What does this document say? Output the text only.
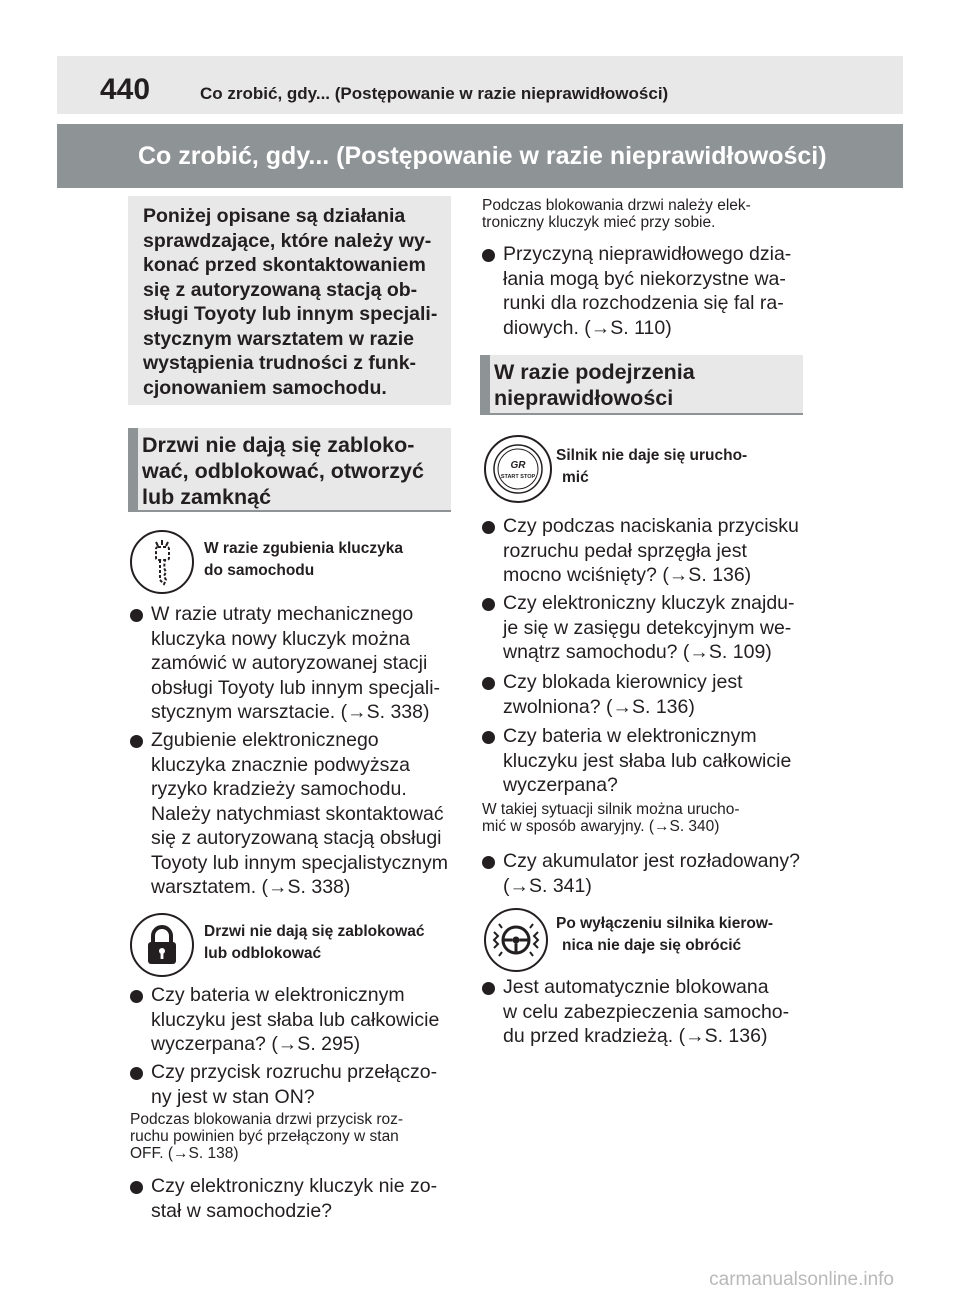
440	Co zrobić, gdy... (Postępowanie w razie nieprawidłowości)
Co zrobić, gdy... (Postępowanie w razie nieprawidłowości)
Poniżej opisane są działania
sprawdzające, które należy wy-
konać przed skontaktowaniem
się z autoryzowaną stacją ob-
sługi Toyoty lub innym specjali-
stycznym warsztatem w razie
wystąpienia trudności z funk-
cjonowaniem samochodu.
Drzwi nie dają się zabloko-
wać, odblokować, otworzyć
lub zamknąć
W razie zgubienia kluczyka
do samochodu
W razie utraty mechanicznego
kluczyka nowy kluczyk można
zamówić w autoryzowanej stacji
obsługi Toyoty lub innym specjali-
stycznym warsztacie. (→S. 338)
Zgubienie elektronicznego
kluczyka znacznie podwyższa
ryzyko kradzieży samochodu.
Należy natychmiast skontaktować
się z autoryzowaną stacją obsługi
Toyoty lub innym specjalistycznym
warsztatem. (→S. 338)
Drzwi nie dają się zablokować
lub odblokować
Czy bateria w elektronicznym
kluczyku jest słaba lub całkowicie
wyczerpana? (→S. 295)
Czy przycisk rozruchu przełączo-
ny jest w stan ON?
Podczas blokowania drzwi przycisk roz-
ruchu powinien być przełączony w stan
OFF. (→S. 138)
Czy elektroniczny kluczyk nie zo-
stał w samochodzie?
Podczas blokowania drzwi należy elek-
troniczny kluczyk mieć przy sobie.
Przyczyną nieprawidłowego dzia-
łania mogą być niekorzystne wa-
runki dla rozchodzenia się fal ra-
diowych. (→S. 110)
W razie podejrzenia
nieprawidłowości
GR
START STOP
Silnik nie daje się urucho-
mić
Czy podczas naciskania przycisku
rozruchu pedał sprzęgła jest
mocno wciśnięty? (→S. 136)
Czy elektroniczny kluczyk znajdu-
je się w zasięgu detekcyjnym we-
wnątrz samochodu? (→S. 109)
Czy blokada kierownicy jest
zwolniona? (→S. 136)
Czy bateria w elektronicznym
kluczyku jest słaba lub całkowicie
wyczerpana?
W takiej sytuacji silnik można urucho-
mić w sposób awaryjny. (→S. 340)
Czy akumulator jest rozładowany?
(→S. 341)
Po wyłączeniu silnika kierow-
nica nie daje się obrócić
Jest automatycznie blokowana
w celu zabezpieczenia samocho-
du przed kradzieżą. (→S. 136)
carmanualsonline.info
